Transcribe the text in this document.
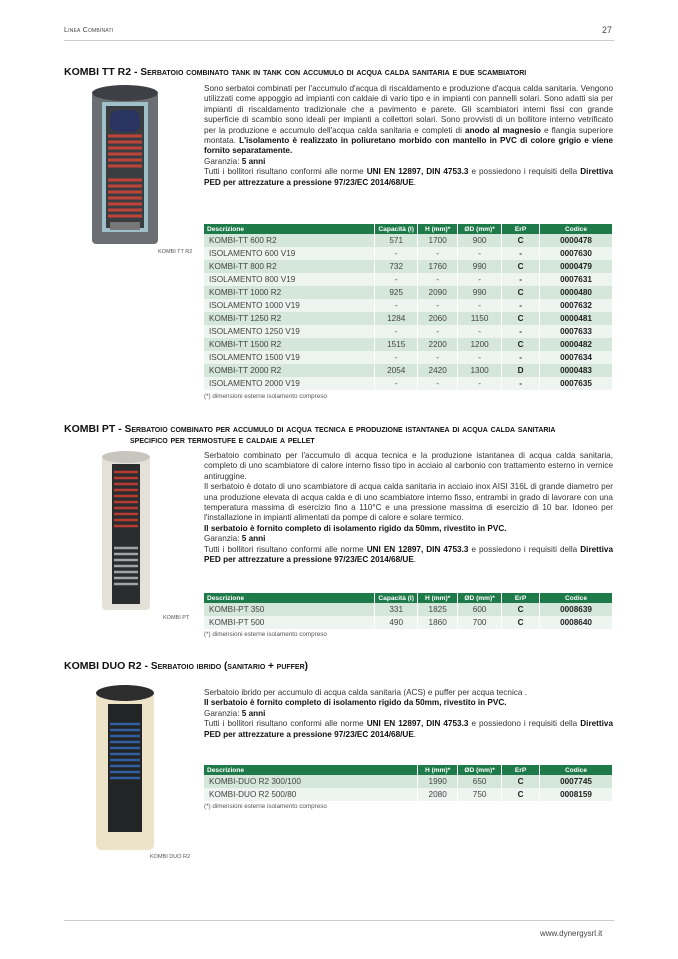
Linea Combinati	27
KOMBI TT R2 - Serbatoio combinato tank in tank con accumulo di acqua calda sanitaria e due scambiatori
KOMBI TT R2
Sono serbatoi combinati per l'accumulo d'acqua di riscaldamento e produzione d'acqua calda sanitaria. Vengono utilizzati come appoggio ad impianti con caldaie di vario tipo e in impianti con pannelli solari. Sono adatti sia per impianti di riscaldamento tradizionale che a pavimento e parete. Gli scambiatori interni fissi con grande superficie di scambio sono ideali per impianti a collettori solari. Sono provvisti di un bollitore interno vetrificato per la produzione e accumulo dell'acqua calda sanitaria e completi di anodo al magnesio e flangia superiore montata. L'isolamento è realizzato in poliuretano morbido con mantello in PVC di colore grigio e viene fornito separatamente.
Garanzia: 5 anni
Tutti i bollitori risultano conformi alle norme UNI EN 12897, DIN 4753.3 e possiedono i requisiti della Direttiva PED per attrezzature a pressione 97/23/EC 2014/68/UE.
Descrizione	Capacità (l)	H (mm)*	ØD (mm)*	ErP	Codice
KOMBI-TT 600 R2	571	1700	900	C	0000478
ISOLAMENTO 600 V19	-	-	-	-	0007630
KOMBI-TT 800 R2	732	1760	990	C	0000479
ISOLAMENTO 800 V19	-	-	-	-	0007631
KOMBI-TT 1000 R2	925	2090	990	C	0000480
ISOLAMENTO 1000 V19	-	-	-	-	0007632
KOMBI-TT 1250 R2	1284	2060	1150	C	0000481
ISOLAMENTO 1250 V19	-	-	-	-	0007633
KOMBI-TT 1500 R2	1515	2200	1200	C	0000482
ISOLAMENTO 1500 V19	-	-	-	-	0007634
KOMBI-TT 2000 R2	2054	2420	1300	D	0000483
ISOLAMENTO 2000 V19	-	-	-	-	0007635
(*) dimensioni esterne isolamento compreso
KOMBI PT - Serbatoio combinato per accumulo di acqua tecnica e produzione istantanea di acqua calda sanitaria
specifico per termostufe e caldaie a pellet
KOMBI PT
Serbatoio combinato per l'accumulo di acqua tecnica e la produzione istantanea di acqua calda sanitaria, completo di uno scambiatore di calore interno fisso tipo in acciaio al carbonio con trattamento esterno in vernice antiruggine.
Il serbatoio è dotato di uno scambiatore di acqua calda sanitaria in acciaio inox AISI 316L di grande diametro per una produzione elevata di acqua calda e di uno scambiatore interno fisso, entrambi in grado di lavorare con una temperatura massima di esercizio fino a 110°C e una pressione massima di esercizio di 10 bar. Idoneo per l'installazione in impianti alimentati da pompe di calore e solare termico.
Il serbatoio è fornito completo di isolamento rigido da 50mm, rivestito in PVC.
Garanzia: 5 anni
Tutti i bollitori risultano conformi alle norme UNI EN 12897, DIN 4753.3 e possiedono i requisiti della Direttiva PED per attrezzature a pressione 97/23/EC 2014/68/UE.
Descrizione	Capacità (l)	H (mm)*	ØD (mm)*	ErP	Codice
KOMBI-PT 350	331	1825	600	C	0008639
KOMBI-PT 500	490	1860	700	C	0008640
(*) dimensioni esterne isolamento compreso
KOMBI DUO R2 - Serbatoio ibrido (sanitario + puffer)
KOMBI DUO R2
Serbatoio ibrido per accumulo di acqua calda sanitaria (ACS) e puffer per acqua tecnica .
Il serbatoio è fornito completo di isolamento rigido da 50mm, rivestito in PVC.
Garanzia: 5 anni
Tutti i bollitori risultano conformi alle norme UNI EN 12897, DIN 4753.3 e possiedono i requisiti della Direttiva PED per attrezzature a pressione 97/23/EC 2014/68/UE.
Descrizione	H (mm)*	ØD (mm)*	ErP	Codice
KOMBI-DUO R2 300/100	1990	650	C	0007745
KOMBI-DUO R2 500/80	2080	750	C	0008159
(*) dimensioni esterne isolamento compreso
www.dynergysrl.it
